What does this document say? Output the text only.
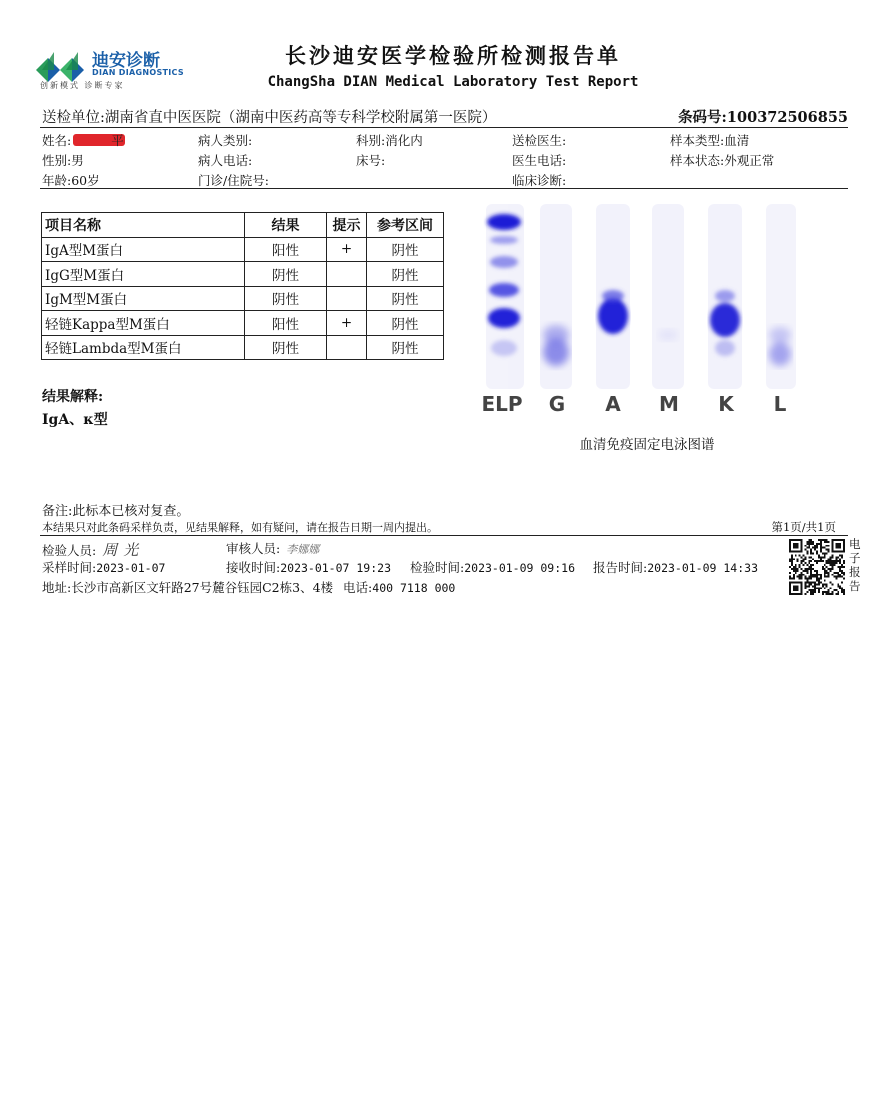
迪安诊断
DIAN DIAGNOSTICS
创新模式 诊断专家
长沙迪安医学检验所检测报告单
ChangSha DIAN Medical Laboratory Test Report
送检单位:湖南省直中医医院（湖南中医药高等专科学校附属第一医院）	条码号:100372506855
姓名:	平	病人类别:	科别:消化内	送检医生:	样本类型:血清
性别:男	病人电话:	床号:	医生电话:	样本状态:外观正常
年龄:60岁	门诊/住院号:	临床诊断:
项目名称	结果	提示	参考区间
IgA型M蛋白	阳性	+	阴性
IgG型M蛋白	阴性		阴性
IgM型M蛋白	阴性		阴性
轻链Kappa型M蛋白	阳性	+	阴性
轻链Lambda型M蛋白	阴性		阴性
ELP G A M K L
血清免疫固定电泳图谱
结果解释:
IgA、κ型
备注:此标本已核对复查。
本结果只对此条码采样负责，见结果解释，如有疑问，请在报告日期一周内提出。	第1页/共1页
检验人员: 周光	审核人员: 李娜娜
采样时间:2023-01-07	接收时间:2023-01-07 19:23 检验时间:2023-01-09 09:16 报告时间:2023-01-09 14:33
地址:长沙市高新区文轩路27号麓谷钰园C2栋3、4楼 电话:400 7118 000
电子报告
